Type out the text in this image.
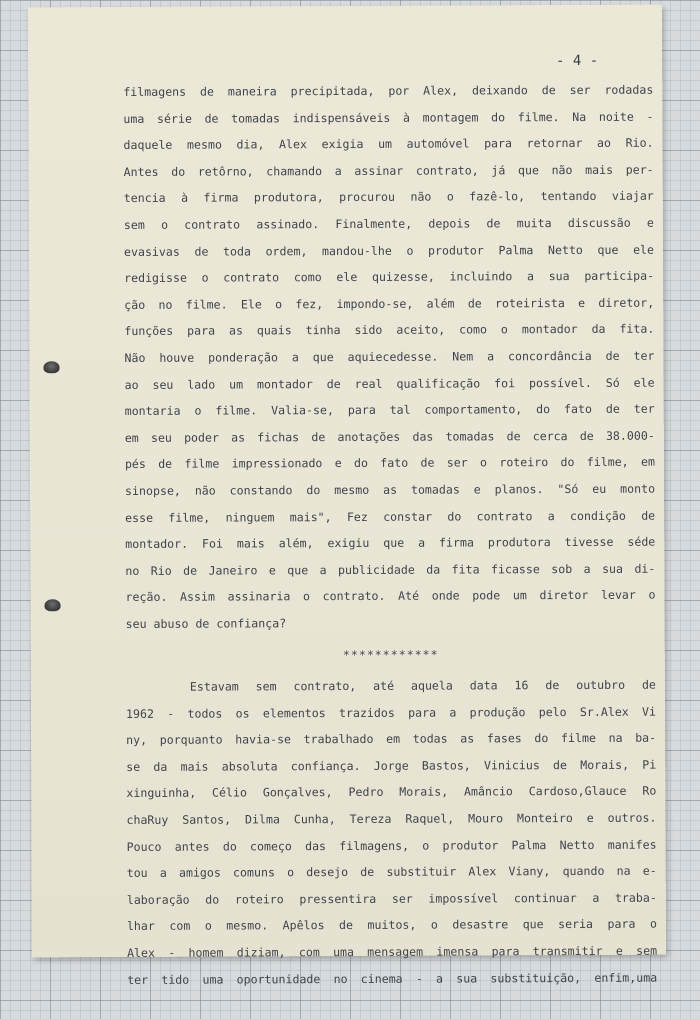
- 4 -
filmagens de maneira precipitada, por Alex, deixando de ser rodadas
uma série de tomadas indispensáveis à montagem do filme. Na noite -
daquele mesmo dia, Alex exigia um automóvel para retornar ao Rio.
Antes do retôrno, chamando a assinar contrato, já que não mais per-
tencia à firma produtora, procurou não o fazê-lo, tentando viajar
sem o contrato assinado. Finalmente, depois de muita discussão e
evasivas de toda ordem, mandou-lhe o produtor Palma Netto que ele
redigisse o contrato como ele quizesse, incluindo a sua participa-
ção no filme. Ele o fez, impondo-se, além de roteirista e diretor,
funções para as quais tinha sido aceito, como o montador da fita.
Não houve ponderação a que aquiecedesse. Nem a concordância de ter
ao seu lado um montador de real qualificação foi possível. Só ele
montaria o filme. Valia-se, para tal comportamento, do fato de ter
em seu poder as fichas de anotações das tomadas de cerca de 38.000-
pés de filme impressionado e do fato de ser o roteiro do filme, em
sinopse, não constando do mesmo as tomadas e planos. "Só eu monto
esse filme, ninguem mais", Fez constar do contrato a condição de
montador. Foi mais além, exigiu que a firma produtora tivesse séde
no Rio de Janeiro e que a publicidade da fita ficasse sob a sua di-
reção. Assim assinaria o contrato. Até onde pode um diretor levar o
seu abuso de confiança?
************
Estavam sem contrato, até aquela data 16 de outubro de
1962 - todos os elementos trazidos para a produção pelo Sr.Alex Vi
ny, porquanto havia-se trabalhado em todas as fases do filme na ba-
se da mais absoluta confiança. Jorge Bastos, Vinicius de Morais, Pi
xinguinha, Célio Gonçalves, Pedro Morais, Amâncio Cardoso,Glauce Ro
chaRuy Santos, Dilma Cunha, Tereza Raquel, Mouro Monteiro e outros.
Pouco antes do começo das filmagens, o produtor Palma Netto manifes
tou a amigos comuns o desejo de substituir Alex Viany, quando na e-
laboração do roteiro pressentira ser impossível continuar a traba-
lhar com o mesmo. Apêlos de muitos, o desastre que seria para o
Alex - homem diziam, com uma mensagem imensa para transmitir e sem
ter tido uma oportunidade no cinema - a sua substituição, enfim,uma
